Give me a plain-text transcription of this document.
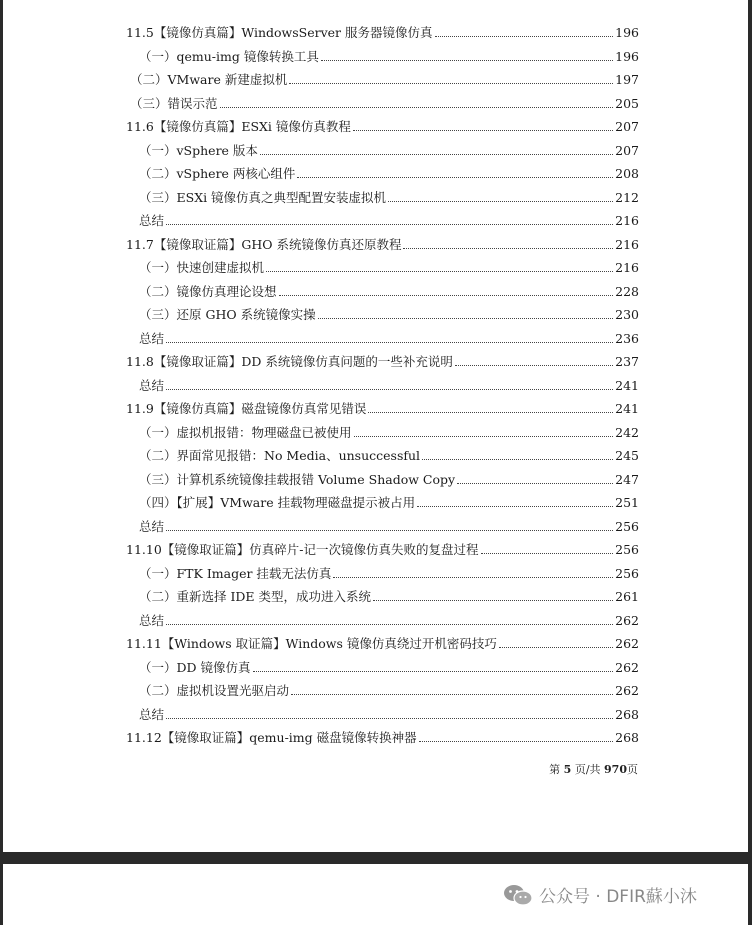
11.5【镜像仿真篇】WindowsServer 服务器镜像仿真	196
（一）qemu-img 镜像转换工具	196
（二）VMware 新建虚拟机	197
（三）错误示范	205
11.6【镜像仿真篇】ESXi 镜像仿真教程	207
（一）vSphere 版本	207
（二）vSphere 两核心组件	208
（三）ESXi 镜像仿真之典型配置安装虚拟机	212
总结	216
11.7【镜像取证篇】GHO 系统镜像仿真还原教程	216
（一）快速创建虚拟机	216
（二）镜像仿真理论设想	228
（三）还原 GHO 系统镜像实操	230
总结	236
11.8【镜像取证篇】DD 系统镜像仿真问题的一些补充说明	237
总结	241
11.9【镜像仿真篇】磁盘镜像仿真常见错误	241
（一）虚拟机报错：物理磁盘已被使用	242
（二）界面常见报错：No Media、unsuccessful	245
（三）计算机系统镜像挂载报错 Volume Shadow Copy	247
（四）【扩展】VMware 挂载物理磁盘提示被占用	251
总结	256
11.10【镜像取证篇】仿真碎片-记一次镜像仿真失败的复盘过程	256
（一）FTK Imager 挂载无法仿真	256
（二）重新选择 IDE 类型，成功进入系统	261
总结	262
11.11【Windows 取证篇】Windows 镜像仿真绕过开机密码技巧	262
（一）DD 镜像仿真	262
（二）虚拟机设置光驱启动	262
总结	268
11.12【镜像取证篇】qemu-img 磁盘镜像转换神器	268
第 5 页/共 970页
公众号 · DFIR蘇小沐
